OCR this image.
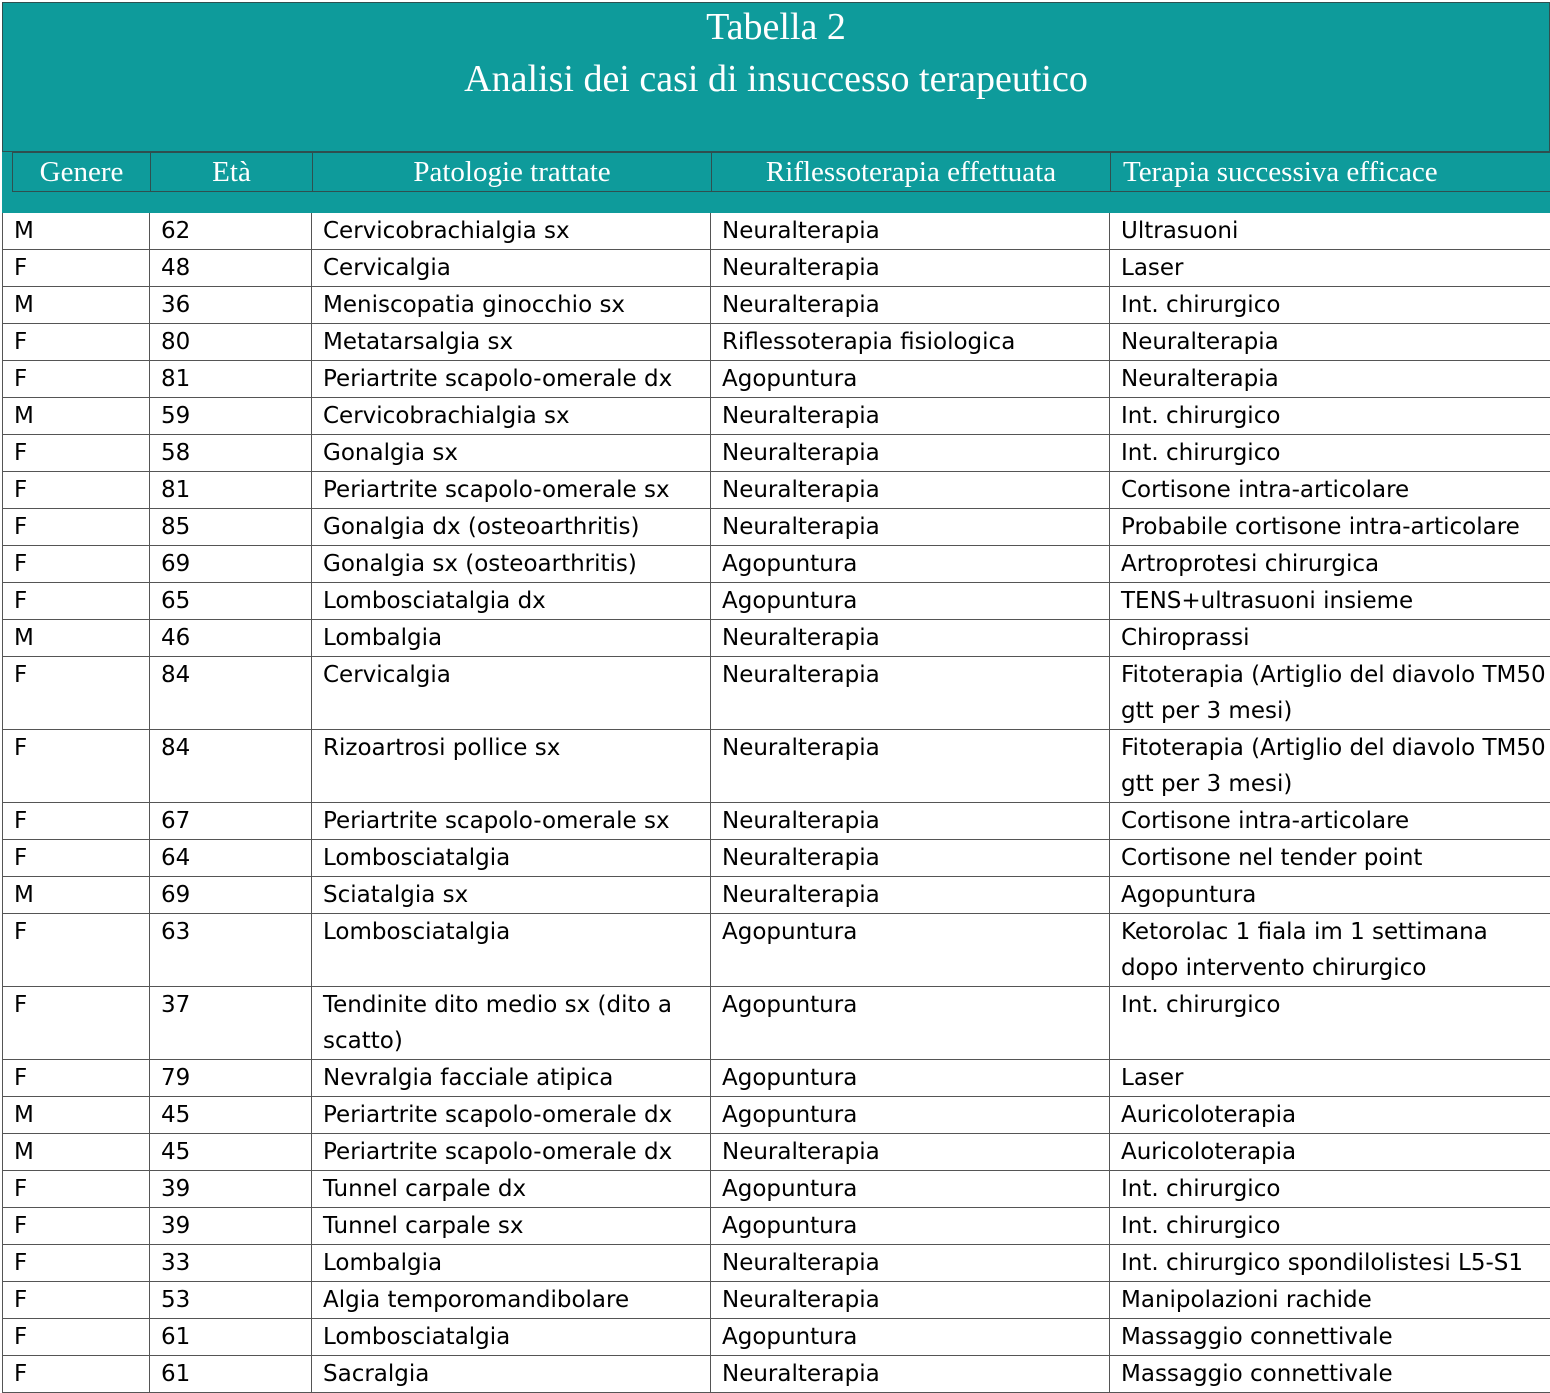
Tabella 2
Analisi dei casi di insuccesso terapeutico
Genere	Età	Patologie trattate	Riflessoterapia effettuata	Terapia successiva efficace
M	62	Cervicobrachialgia sx	Neuralterapia	Ultrasuoni
F	48	Cervicalgia	Neuralterapia	Laser
M	36	Meniscopatia ginocchio sx	Neuralterapia	Int. chirurgico
F	80	Metatarsalgia sx	Riflessoterapia fisiologica	Neuralterapia
F	81	Periartrite scapolo-omerale dx	Agopuntura	Neuralterapia
M	59	Cervicobrachialgia sx	Neuralterapia	Int. chirurgico
F	58	Gonalgia sx	Neuralterapia	Int. chirurgico
F	81	Periartrite scapolo-omerale sx	Neuralterapia	Cortisone intra-articolare
F	85	Gonalgia dx (osteoarthritis)	Neuralterapia	Probabile cortisone intra-articolare
F	69	Gonalgia sx (osteoarthritis)	Agopuntura	Artroprotesi chirurgica
F	65	Lombosciatalgia dx	Agopuntura	TENS+ultrasuoni insieme
M	46	Lombalgia	Neuralterapia	Chiroprassi
F	84	Cervicalgia	Neuralterapia	Fitoterapia (Artiglio del diavolo TM50 gtt per 3 mesi)
F	84	Rizoartrosi pollice sx	Neuralterapia	Fitoterapia (Artiglio del diavolo TM50 gtt per 3 mesi)
F	67	Periartrite scapolo-omerale sx	Neuralterapia	Cortisone intra-articolare
F	64	Lombosciatalgia	Neuralterapia	Cortisone nel tender point
M	69	Sciatalgia sx	Neuralterapia	Agopuntura
F	63	Lombosciatalgia	Agopuntura	Ketorolac 1 fiala im 1 settimana dopo intervento chirurgico
F	37	Tendinite dito medio sx (dito a scatto)	Agopuntura	Int. chirurgico
F	79	Nevralgia facciale atipica	Agopuntura	Laser
M	45	Periartrite scapolo-omerale dx	Agopuntura	Auricoloterapia
M	45	Periartrite scapolo-omerale dx	Neuralterapia	Auricoloterapia
F	39	Tunnel carpale dx	Agopuntura	Int. chirurgico
F	39	Tunnel carpale sx	Agopuntura	Int. chirurgico
F	33	Lombalgia	Neuralterapia	Int. chirurgico spondilolistesi L5-S1
F	53	Algia temporomandibolare	Neuralterapia	Manipolazioni rachide
F	61	Lombosciatalgia	Agopuntura	Massaggio connettivale
F	61	Sacralgia	Neuralterapia	Massaggio connettivale
